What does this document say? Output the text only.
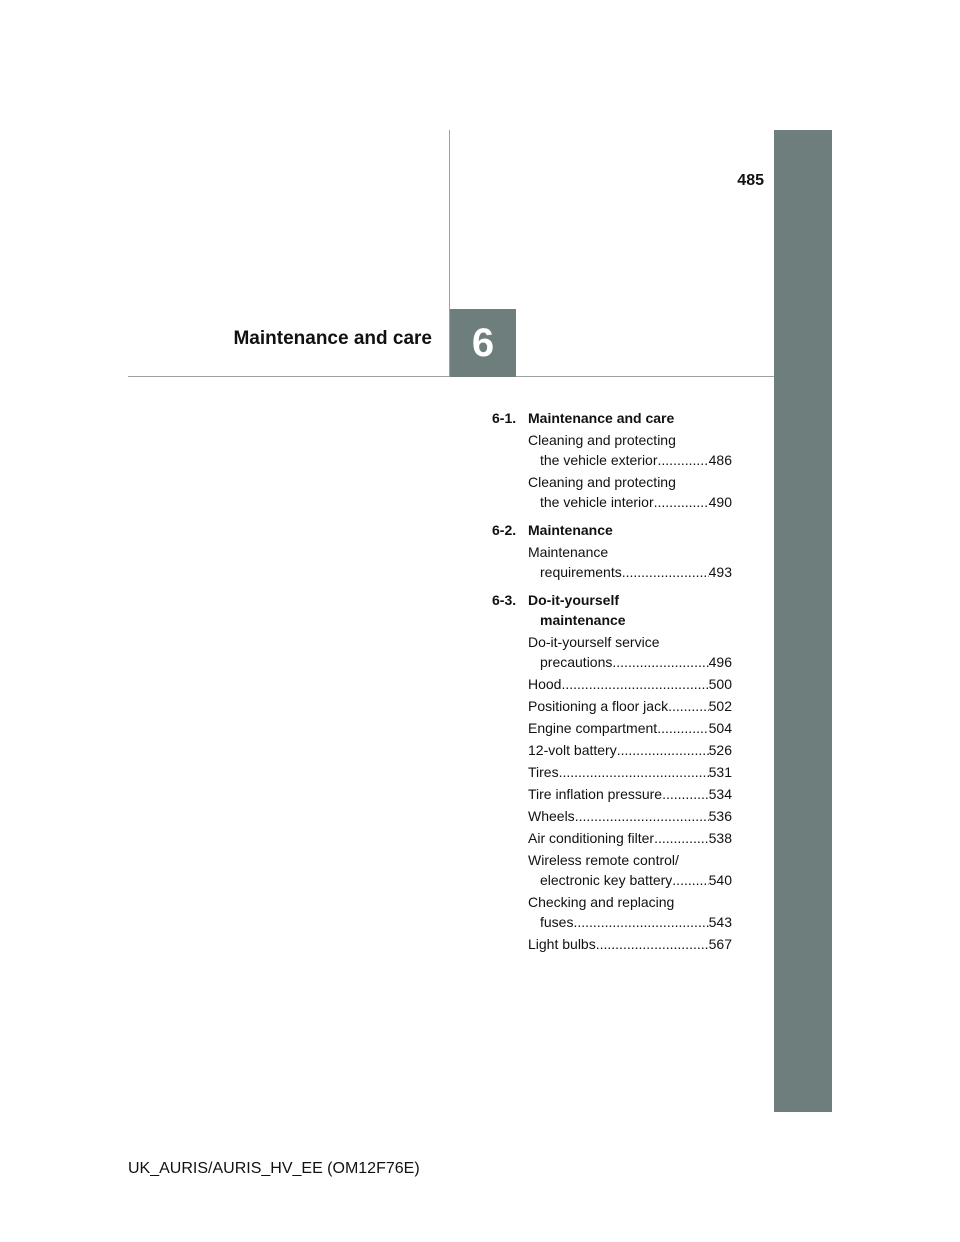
485
6
Maintenance and care
6-1. Maintenance and care
Cleaning and protecting
the vehicle exterior .....	486
Cleaning and protecting
the vehicle interior .....	490
6-2. Maintenance
Maintenance
requirements .....	493
6-3. Do-it-yourself
maintenance
Do-it-yourself service
precautions .....	496
Hood .....	500
Positioning a floor jack .....	502
Engine compartment .....	504
12-volt battery .....	526
Tires .....	531
Tire inflation pressure .....	534
Wheels .....	536
Air conditioning filter .....	538
Wireless remote control/
electronic key battery .....	540
Checking and replacing
fuses .....	543
Light bulbs .....	567
UK_AURIS/AURIS_HV_EE (OM12F76E)
